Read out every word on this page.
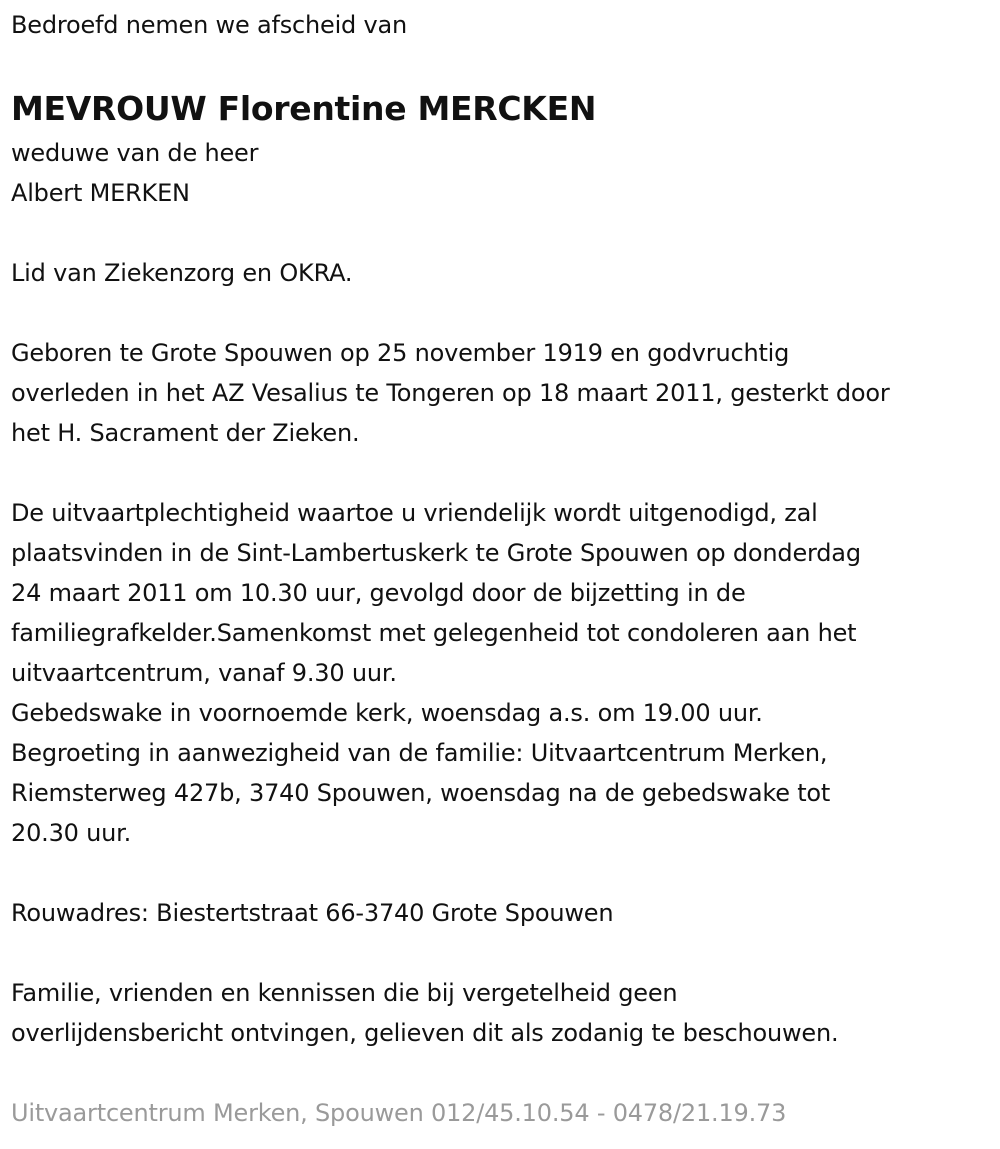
Bedroefd nemen we afscheid van
MEVROUW Florentine MERCKEN
weduwe van de heer
Albert MERKEN
Lid van Ziekenzorg en OKRA.
Geboren te Grote Spouwen op 25 november 1919 en godvruchtig
overleden in het AZ Vesalius te Tongeren op 18 maart 2011, gesterkt door
het H. Sacrament der Zieken.
De uitvaartplechtigheid waartoe u vriendelijk wordt uitgenodigd, zal
plaatsvinden in de Sint-Lambertuskerk te Grote Spouwen op donderdag
24 maart 2011 om 10.30 uur, gevolgd door de bijzetting in de
familiegrafkelder.Samenkomst met gelegenheid tot condoleren aan het
uitvaartcentrum, vanaf 9.30 uur.
Gebedswake in voornoemde kerk, woensdag a.s. om 19.00 uur.
Begroeting in aanwezigheid van de familie: Uitvaartcentrum Merken,
Riemsterweg 427b, 3740 Spouwen, woensdag na de gebedswake tot
20.30 uur.
Rouwadres: Biestertstraat 66-3740 Grote Spouwen
Familie, vrienden en kennissen die bij vergetelheid geen
overlijdensbericht ontvingen, gelieven dit als zodanig te beschouwen.
Uitvaartcentrum Merken, Spouwen 012/45.10.54 - 0478/21.19.73
